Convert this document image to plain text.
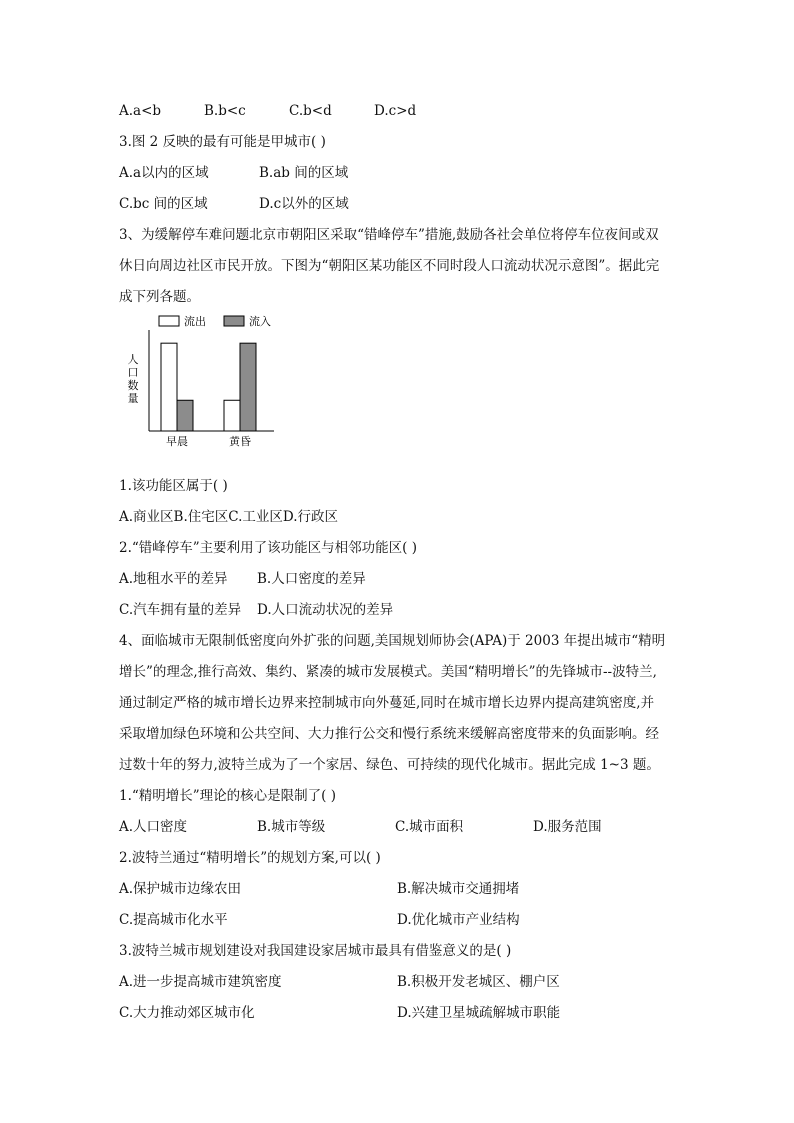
A.a<b	B.b<c	C.b<d	D.c>d
3.图 2 反映的最有可能是甲城市( )
A.a以内的区域	B.ab 间的区域
C.bc 间的区域	D.c以外的区域
3、为缓解停车难问题北京市朝阳区采取“错峰停车”措施,鼓励各社会单位将停车位夜间或双
休日向周边社区市民开放。下图为“朝阳区某功能区不同时段人口流动状况示意图”。据此完
成下列各题。
流出	流入
人口数量
早晨	黄昏
1.该功能区属于( )
A.商业区B.住宅区C.工业区D.行政区
2.“错峰停车”主要利用了该功能区与相邻功能区( )
A.地租水平的差异 B.人口密度的差异
C.汽车拥有量的差异 D.人口流动状况的差异
4、面临城市无限制低密度向外扩张的问题,美国规划师协会(APA)于 2003 年提出城市“精明
增长”的理念,推行高效、集约、紧凑的城市发展模式。美国“精明增长”的先锋城市--波特兰,
通过制定严格的城市增长边界来控制城市向外蔓延,同时在城市增长边界内提高建筑密度,并
采取增加绿色环境和公共空间、大力推行公交和慢行系统来缓解高密度带来的负面影响。经
过数十年的努力,波特兰成为了一个家居、绿色、可持续的现代化城市。据此完成 1~3 题。
1.“精明增长”理论的核心是限制了( )
A.人口密度	B.城市等级	C.城市面积	D.服务范围
2.波特兰通过“精明增长”的规划方案,可以( )
A.保护城市边缘农田	B.解决城市交通拥堵
C.提高城市化水平	D.优化城市产业结构
3.波特兰城市规划建设对我国建设家居城市最具有借鉴意义的是( )
A.进一步提高城市建筑密度	B.积极开发老城区、棚户区
C.大力推动郊区城市化	D.兴建卫星城疏解城市职能
